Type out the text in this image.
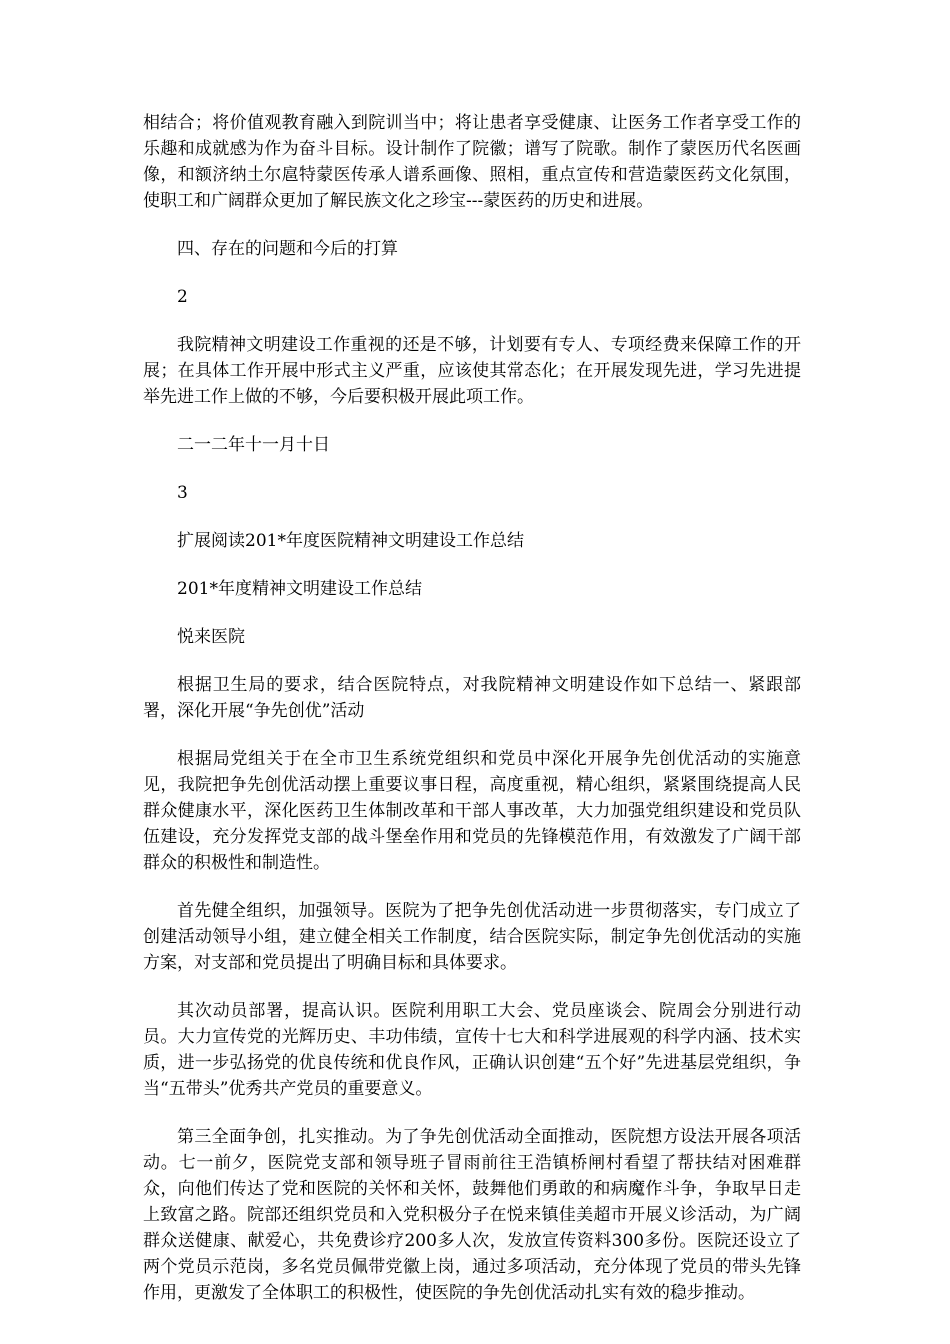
相结合；将价值观教育融入到院训当中；将让患者享受健康、让医务工作者享受工作的乐趣和成就感为作为奋斗目标。设计制作了院徽；谱写了院歌。制作了蒙医历代名医画像，和额济纳土尔扈特蒙医传承人谱系画像、照相，重点宣传和营造蒙医药文化氛围，使职工和广阔群众更加了解民族文化之珍宝---蒙医药的历史和进展。

四、存在的问题和今后的打算

2

我院精神文明建设工作重视的还是不够，计划要有专人、专项经费来保障工作的开展；在具体工作开展中形式主义严重，应该使其常态化；在开展发现先进，学习先进提举先进工作上做的不够，今后要积极开展此项工作。

二一二年十一月十日

3

扩展阅读201*年度医院精神文明建设工作总结

201*年度精神文明建设工作总结

悦来医院

根据卫生局的要求，结合医院特点，对我院精神文明建设作如下总结一、紧跟部署，深化开展“争先创优”活动

根据局党组关于在全市卫生系统党组织和党员中深化开展争先创优活动的实施意见，我院把争先创优活动摆上重要议事日程，高度重视，精心组织，紧紧围绕提高人民群众健康水平，深化医药卫生体制改革和干部人事改革，大力加强党组织建设和党员队伍建设，充分发挥党支部的战斗堡垒作用和党员的先锋模范作用，有效激发了广阔干部群众的积极性和制造性。

首先健全组织，加强领导。医院为了把争先创优活动进一步贯彻落实，专门成立了创建活动领导小组，建立健全相关工作制度，结合医院实际，制定争先创优活动的实施方案，对支部和党员提出了明确目标和具体要求。

其次动员部署，提高认识。医院利用职工大会、党员座谈会、院周会分别进行动员。大力宣传党的光辉历史、丰功伟绩，宣传十七大和科学进展观的科学内涵、技术实质，进一步弘扬党的优良传统和优良作风，正确认识创建“五个好”先进基层党组织，争当“五带头”优秀共产党员的重要意义。

第三全面争创，扎实推动。为了争先创优活动全面推动，医院想方设法开展各项活动。七一前夕，医院党支部和领导班子冒雨前往王浩镇桥闸村看望了帮扶结对困难群众，向他们传达了党和医院的关怀和关怀，鼓舞他们勇敢的和病魔作斗争，争取早日走上致富之路。院部还组织党员和入党积极分子在悦来镇佳美超市开展义诊活动，为广阔群众送健康、献爱心，共免费诊疗200多人次，发放宣传资料300多份。医院还设立了两个党员示范岗，多名党员佩带党徽上岗，通过多项活动，充分体现了党员的带头先锋作用，更激发了全体职工的积极性，使医院的争先创优活动扎实有效的稳步推动。
